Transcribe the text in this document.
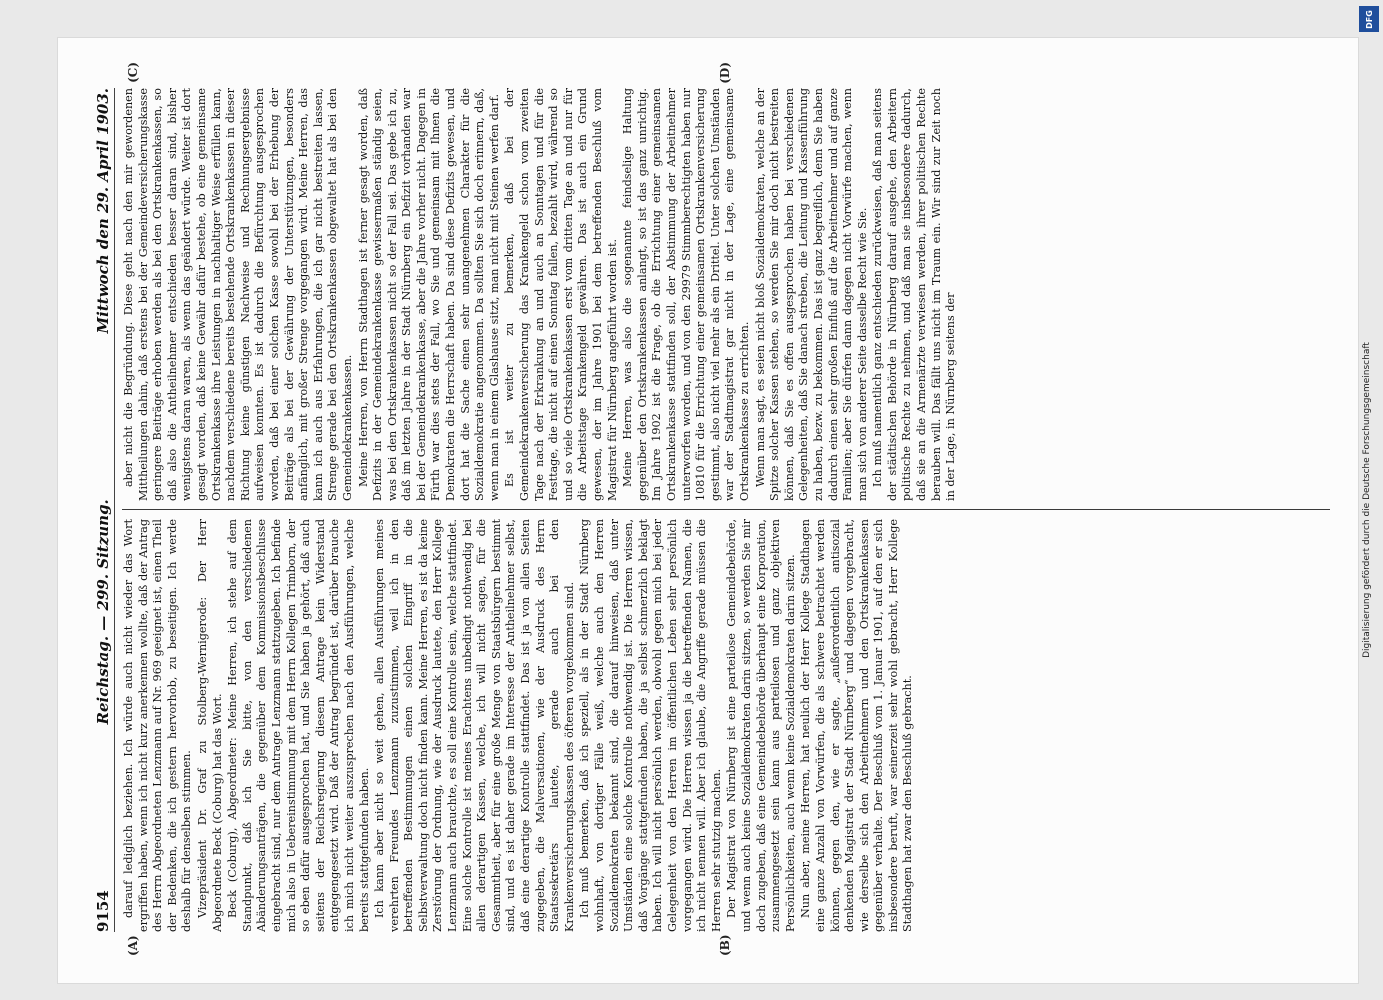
9154
Reichstag. — 299. Sitzung.
Mittwoch den 29. April 1903.

darauf lediglich beziehen. Ich würde auch nicht wieder das Wort ergriffen haben, wenn ich nicht kurz anerkennen wollte, daß der Antrag des Herrn Abgeordneten Lenzmann auf Nr. 969 geeignet ist, einen Theil der Bedenken, die ich gestern hervorhob, zu beseitigen. Ich werde deshalb für denselben stimmen. Vizepräsident Dr. Graf zu Stolberg-Wernigerode: Der Herr Abgeordnete Beck (Coburg) hat das Wort. Beck (Coburg), Abgeordneter: Meine Herren, ich stehe auf dem Standpunkt, daß ich Sie bitte, von den verschiedenen Abänderungsanträgen, die gegenüber dem Kommissionsbeschlusse eingebracht sind, nur dem Antrage Lenzmann stattzugeben. Ich befinde mich also in Uebereinstimmung mit dem Herrn Kollegen Trimborn, der so eben dafür ausgesprochen hat, und Sie haben ja gehört, daß auch seitens der Reichsregierung diesem Antrage kein Widerstand entgegengesetzt wird. Daß der Antrag begründet ist, darüber brauche ich mich nicht weiter auszusprechen nach den Ausführungen, welche bereits stattgefunden haben. Ich kann aber nicht so weit gehen, allen Ausführungen meines verehrten Freundes Lenzmann zuzustimmen, weil ich in den betreffenden Bestimmungen einen solchen Eingriff in die Selbstverwaltung doch nicht finden kann. Meine Herren, es ist da keine Zerstörung der Ordnung, wie der Ausdruck lautete, den Herr Kollege Lenzmann auch brauchte, es soll eine Kontrolle sein, welche stattfindet. Eine solche Kontrolle ist meines Erachtens unbedingt nothwendig bei allen derartigen Kassen, welche, ich will nicht sagen, für die Gesammtheit, aber für eine große Menge von Staatsbürgern bestimmt sind, und es ist daher gerade im Interesse der Antheilnehmer selbst, daß eine derartige Kontrolle stattfindet. Das ist ja von allen Seiten zugegeben, die Malversationen, wie der Ausdruck des Herrn Staatssekretärs lautete, gerade auch bei den Krankenversicherungskassen des öfteren vorgekommen sind. Ich muß bemerken, daß ich speziell, als in der Stadt Nürnberg wohnhaft, von dortiger Fälle weiß, welche auch den Herren Sozialdemokraten bekannt sind, die darauf hinweisen, daß unter Umständen eine solche Kontrolle nothwendig ist. Die Herren wissen, daß Vorgänge stattgefunden haben, die ja selbst schmerzlich beklagt haben. Ich will nicht persönlich werden, obwohl gegen mich bei jeder Gelegenheit von den Herren im öffentlichen Leben sehr persönlich vorgegangen wird. Die Herren wissen ja die betreffenden Namen, die ich nicht nennen will. Aber ich glaube, die Angriffe gerade müssen die Herren sehr stutzig machen. Der Magistrat von Nürnberg ist eine parteilose Gemeindebehörde, und wenn auch keine Sozialdemokraten darin sitzen, so werden Sie mir doch zugeben, daß eine Gemeindebehörde überhaupt eine Korporation, zusammengesetzt sein kann aus parteilosen und ganz objektiven Persönlichkeiten, auch wenn keine Sozialdemokraten darin sitzen. Nun aber, meine Herren, hat neulich der Herr Kollege Stadthagen eine ganze Anzahl von Vorwürfen, die als schwere betrachtet werden können, gegen den, wie er sagte, „außerordentlich antisozial denkenden Magistrat der Stadt Nürnberg“ und dagegen vorgebracht, wie derselbe sich den Arbeitnehmern und den Ortskrankenkassen gegenüber verhalte. Der Beschluß vom 1. Januar 1901, auf den er sich insbesondere beruft, war seinerzeit sehr wohl gebracht, Herr Kollege Stadthagen hat zwar den Beschluß gebracht.

aber nicht die Begründung. Diese geht nach den mir gewordenen Mittheilungen dahin, daß erstens bei der Gemeindeversicherungskasse geringere Beiträge erhoben werden als bei den Ortskrankenkassen, so daß also die Antheilnehmer entschieden besser daran sind, bisher wenigstens daran waren, als wenn das geändert würde. Weiter ist dort gesagt worden, daß keine Gewähr dafür bestehe, ob eine gemeinsame Ortskrankenkasse ihre Leistungen in nachhaltiger Weise erfüllen kann, nachdem verschiedene bereits bestehende Ortskrankenkassen in dieser Richtung keine günstigen Nachweise und Rechnungsergebnisse aufweisen konnten. Es ist dadurch die Befürchtung ausgesprochen worden, daß bei einer solchen Kasse sowohl bei der Erhebung der Beiträge als bei der Gewährung der Unterstützungen, besonders anfänglich, mit großer Strenge vorgegangen wird. Meine Herren, das kann ich auch aus Erfahrungen, die ich gar nicht bestreiten lassen, Strenge gerade bei den Ortskrankenkassen obgewaltet hat als bei den Gemeindekrankenkassen. Meine Herren, von Herrn Stadthagen ist ferner gesagt worden, daß Defizits in der Gemeindekrankenkasse gewissermaßen ständig seien, was bei den Ortskrankenkassen nicht so der Fall sei. Das gebe ich zu, daß im letzten Jahre in der Stadt Nürnberg ein Defizit vorhanden war bei der Gemeindekrankenkasse, aber die Jahre vorher nicht. Dagegen in Fürth war dies stets der Fall, wo Sie und gemeinsam mit Ihnen die Demokraten die Herrschaft haben. Da sind diese Defizits gewesen, und dort hat die Sache einen sehr unangenehmen Charakter für die Sozialdemokratie angenommen. Da sollten Sie sich doch erinnern, daß, wenn man in einem Glashause sitzt, man nicht mit Steinen werfen darf. Es ist weiter zu bemerken, daß bei der Gemeindekrankenversicherung das Krankengeld schon vom zweiten Tage nach der Erkrankung an und auch an Sonntagen und für die Festtage, die nicht auf einen Sonntag fallen, bezahlt wird, während so und so viele Ortskrankenkassen erst vom dritten Tage an und nur für die Arbeitstage Krankengeld gewähren. Das ist auch ein Grund gewesen, der im Jahre 1901 bei dem betreffenden Beschluß vom Magistrat für Nürnberg angeführt worden ist. Meine Herren, was also die sogenannte feindselige Haltung gegenüber den Ortskrankenkassen anlangt, so ist das ganz unrichtig. Im Jahre 1902 ist die Frage, ob die Errichtung einer gemeinsamen Ortskrankenkasse stattfinden soll, der Abstimmung der Arbeitnehmer unterworfen worden, und von den 29979 Stimmberechtigten haben nur 10810 für die Errichtung einer gemeinsamen Ortskrankenversicherung gestimmt, also nicht viel mehr als ein Drittel. Unter solchen Umständen war der Stadtmagistrat gar nicht in der Lage, eine gemeinsame Ortskrankenkasse zu errichten. Wenn man sagt, es seien nicht bloß Sozialdemokraten, welche an der Spitze solcher Kassen stehen, so werden Sie mir doch nicht bestreiten können, daß Sie es offen ausgesprochen haben bei verschiedenen Gelegenheiten, daß Sie danach streben, die Leitung und Kassenführung zu haben, bezw. zu bekommen. Das ist ganz begreiflich, denn Sie haben dadurch einen sehr großen Einfluß auf die Arbeitnehmer und auf ganze Familien; aber Sie dürfen dann dagegen nicht Vorwürfe machen, wenn man sich von anderer Seite dasselbe Recht wie Sie. Ich muß namentlich ganz entschieden zurückweisen, daß man seitens der städtischen Behörde in Nürnberg darauf ausgehe, den Arbeitern politische Rechte zu nehmen, und daß man sie insbesondere dadurch, daß sie an die Armenärzte verwiesen werden, ihrer politischen Rechte berauben will. Das fällt uns nicht im Traum ein. Wir sind zur Zeit noch in der Lage, in Nürnberg seitens der

(A)	(B)
(C)	(D)
DFG
Digitalisierung gefördert durch die Deutsche Forschungsgemeinschaft
